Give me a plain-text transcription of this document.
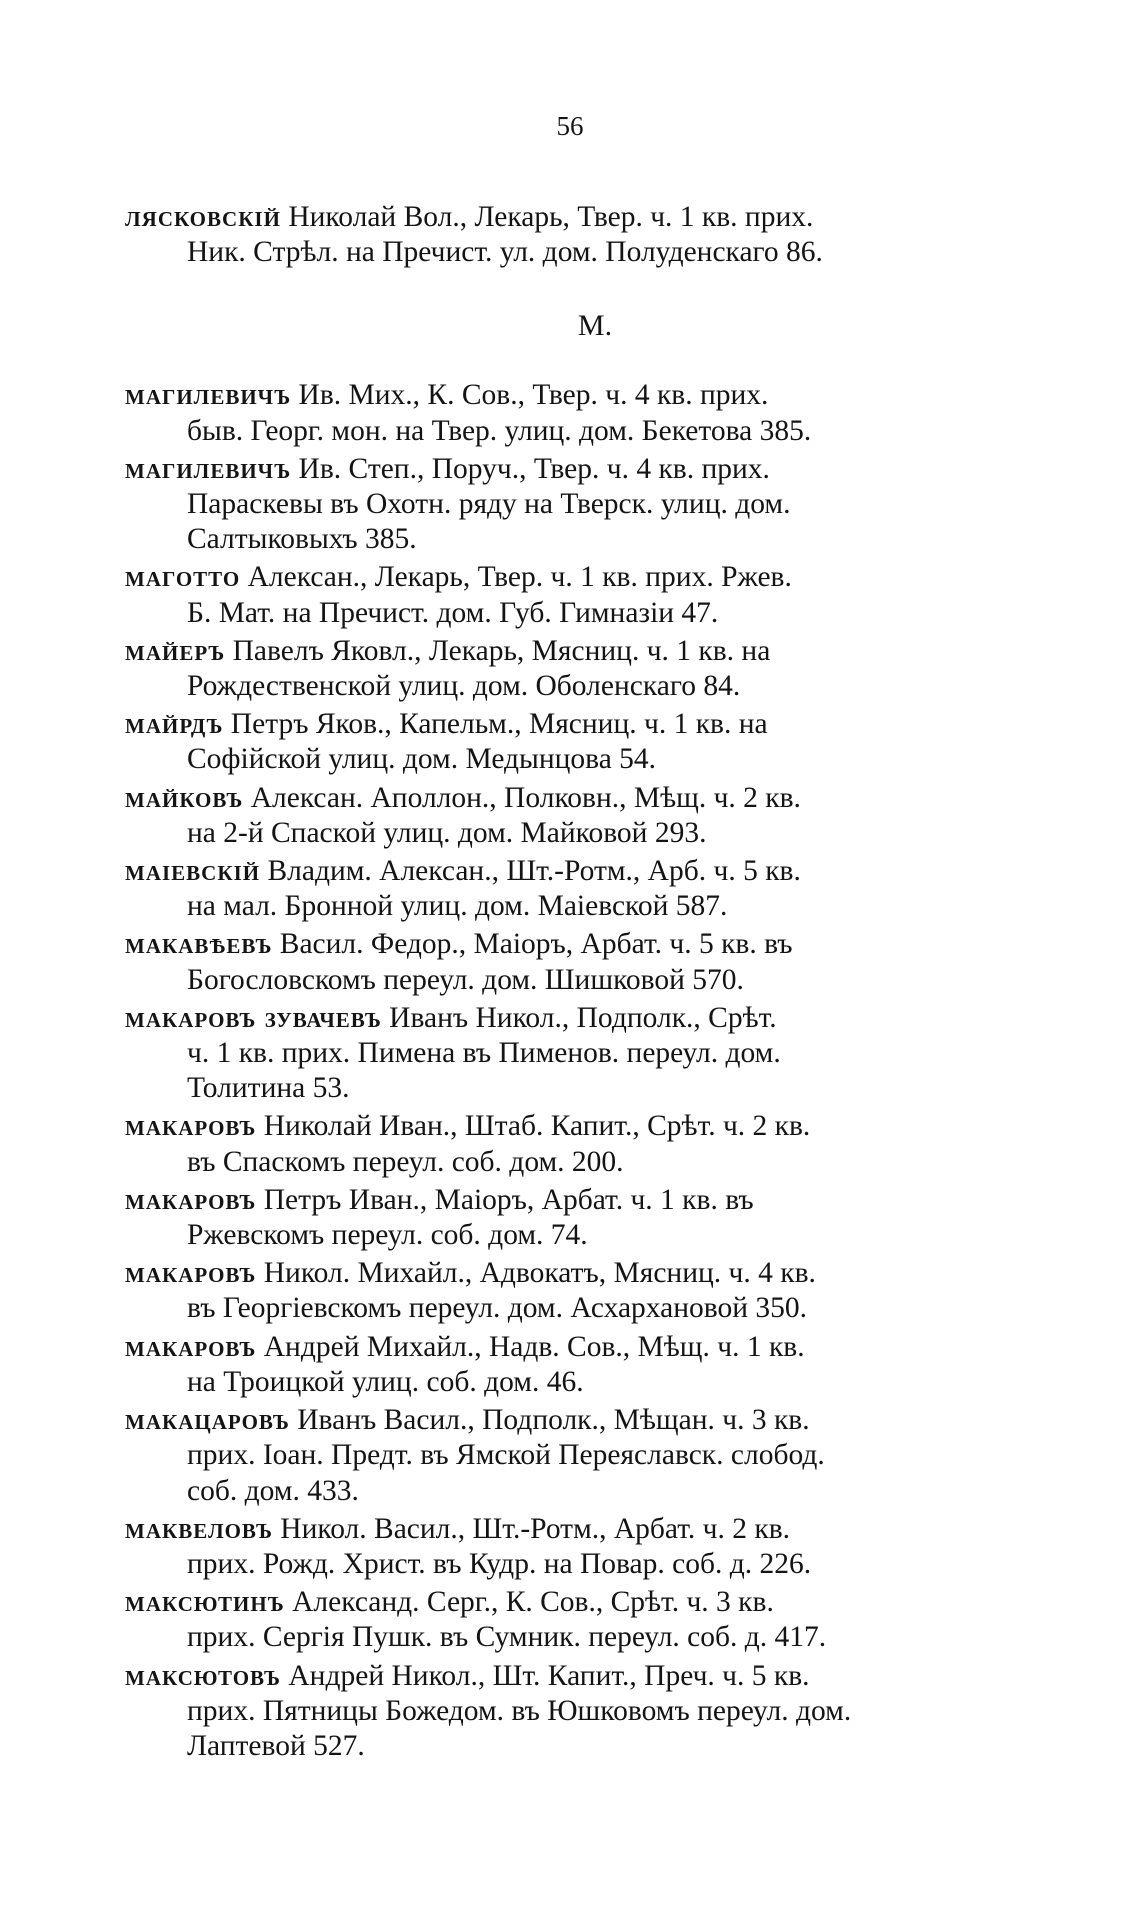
56

лясковскій Николай Вол., Лекарь, Твер. ч. 1 кв. прих.
Ник. Стрѣл. на Пречист. ул. дом. Полуденскаго 86.

М.

магилевичъ Ив. Мих., К. Сов., Твер. ч. 4 кв. прих.
быв. Георг. мон. на Твер. улиц. дом. Бекетова 385.

магилевичъ Ив. Степ., Поруч., Твер. ч. 4 кв. прих.
Параскевы въ Охотн. ряду на Тверск. улиц. дом.
Салтыковыхъ 385.

маготто Алексан., Лекарь, Твер. ч. 1 кв. прих. Ржев.
Б. Мат. на Пречист. дом. Губ. Гимназіи 47.

майеръ Павелъ Яковл., Лекарь, Мясниц. ч. 1 кв. на
Рождественской улиц. дом. Оболенскаго 84.

майрдъ Петръ Яков., Капельм., Мясниц. ч. 1 кв. на
Софійской улиц. дом. Медынцова 54.

майковъ Алексан. Аполлон., Полковн., Мѣщ. ч. 2 кв.
на 2-й Спаской улиц. дом. Майковой 293.

маіевскій Владим. Алексан., Шт.-Ротм., Арб. ч. 5 кв.
на мал. Бронной улиц. дом. Маіевской 587.

макавѣевъ Васил. Федор., Маіоръ, Арбат. ч. 5 кв. въ
Богословскомъ переул. дом. Шишковой 570.

макаровъ зувачевъ Иванъ Никол., Подполк., Срѣт.
ч. 1 кв. прих. Пимена въ Пименов. переул. дом.
Толитина 53.

макаровъ Николай Иван., Штаб. Капит., Срѣт. ч. 2 кв.
въ Спаскомъ переул. соб. дом. 200.

макаровъ Петръ Иван., Маіоръ, Арбат. ч. 1 кв. въ
Ржевскомъ переул. соб. дом. 74.

макаровъ Никол. Михайл., Адвокатъ, Мясниц. ч. 4 кв.
въ Георгіевскомъ переул. дом. Асхархановой 350.

макаровъ Андрей Михайл., Надв. Сов., Мѣщ. ч. 1 кв.
на Троицкой улиц. соб. дом. 46.

макацаровъ Иванъ Васил., Подполк., Мѣщан. ч. 3 кв.
прих. Іоан. Предт. въ Ямской Переяславск. слобод.
соб. дом. 433.

маквеловъ Никол. Васил., Шт.-Ротм., Арбат. ч. 2 кв.
прих. Рожд. Христ. въ Кудр. на Повар. соб. д. 226.

максютинъ Александ. Серг., К. Сов., Срѣт. ч. 3 кв.
прих. Сергія Пушк. въ Сумник. переул. соб. д. 417.

максютовъ Андрей Никол., Шт. Капит., Преч. ч. 5 кв.
прих. Пятницы Божедом. въ Юшковомъ переул. дом.
Лаптевой 527.
